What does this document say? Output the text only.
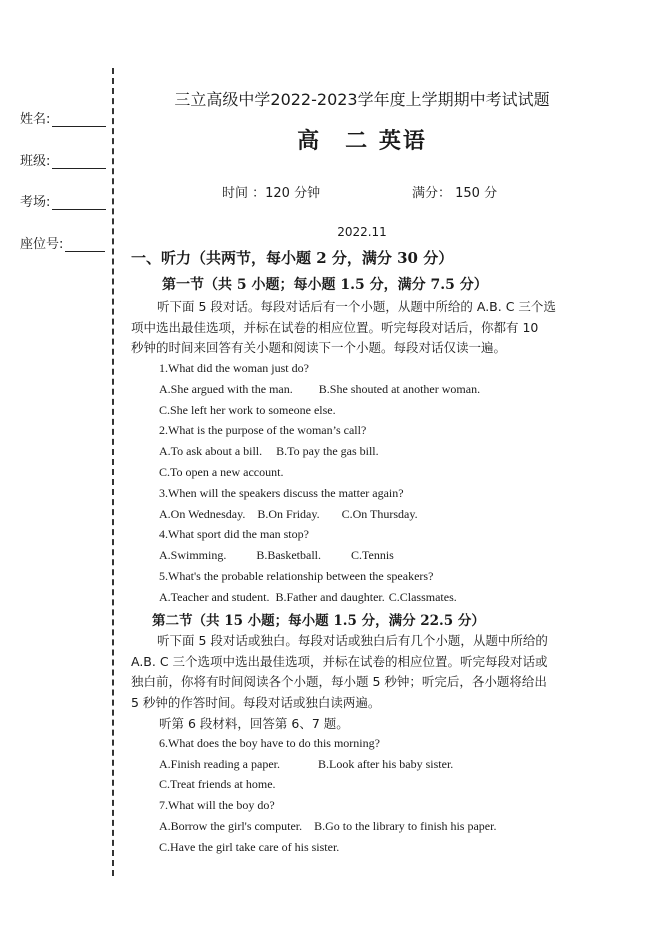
姓名:
班级:
考场:
座位号:
三立高级中学2022-2023学年度上学期期中考试试题
高　二 英语
时间 ：120 分钟	满分： 150 分
2022.11
一、听力（共两节，每小题 2 分，满分 30 分）
第一节（共 5 小题；每小题 1.5 分，满分 7.5 分）
听下面 5 段对话。每段对话后有一个小题，从题中所给的 A.B. C 三个选
项中选出最佳选项，并标在试卷的相应位置。听完每段对话后，你都有 10
秒钟的时间来回答有关小题和阅读下一个小题。每段对话仅读一遍。
1.What did the woman just do?
A.She argued with the man. B.She shouted at another woman.
C.She left her work to someone else.
2.What is the purpose of the woman’s call?
A.To ask about a bill. B.To pay the gas bill.
C.To open a new account.
3.When will the speakers discuss the matter again?
A.On Wednesday. B.On Friday. C.On Thursday.
4.What sport did the man stop?
A.Swimming.	B.Basketball.	C.Tennis
5.What's the probable relationship between the speakers?
A.Teacher and student. B.Father and daughter. C.Classmates.
第二节（共 15 小题；每小题 1.5 分，满分 22.5 分）
听下面 5 段对话或独白。每段对话或独白后有几个小题，从题中所给的
A.B. C 三个选项中选出最佳选项，并标在试卷的相应位置。听完每段对话或
独白前，你将有时间阅读各个小题，每小题 5 秒钟；听完后，各小题将给出
5 秒钟的作答时间。每段对话或独白读两遍。
听第 6 段材料，回答第 6、7 题。
6.What does the boy have to do this morning?
A.Finish reading a paper.	B.Look after his baby sister.
C.Treat friends at home.
7.What will the boy do?
A.Borrow the girl's computer. B.Go to the library to finish his paper.
C.Have the girl take care of his sister.
